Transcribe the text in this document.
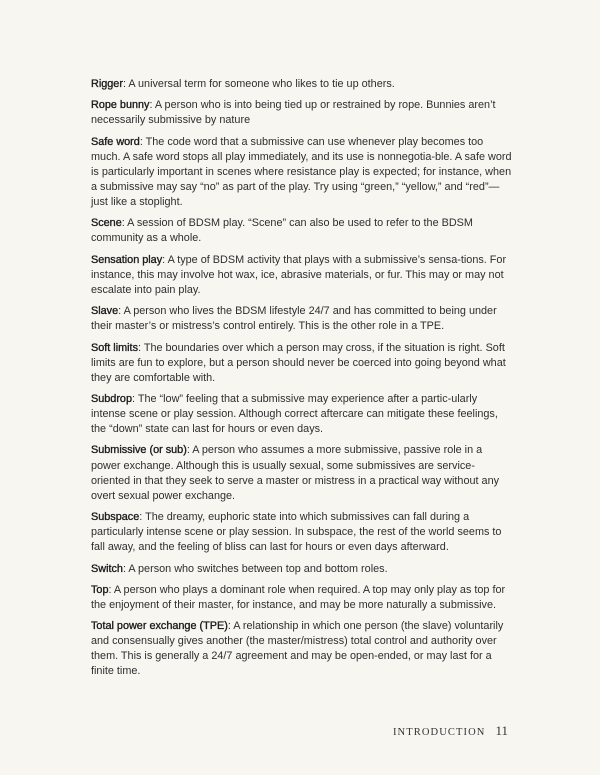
Rigger: A universal term for someone who likes to tie up others.
Rope bunny: A person who is into being tied up or restrained by rope. Bunnies aren’t necessarily submissive by nature
Safe word: The code word that a submissive can use whenever play becomes too much. A safe word stops all play immediately, and its use is nonnegotia-ble. A safe word is particularly important in scenes where resistance play is expected; for instance, when a submissive may say “no” as part of the play. Try using “green,” “yellow,” and “red”—just like a stoplight.
Scene: A session of BDSM play. “Scene” can also be used to refer to the BDSM community as a whole.
Sensation play: A type of BDSM activity that plays with a submissive’s sensa-tions. For instance, this may involve hot wax, ice, abrasive materials, or fur. This may or may not escalate into pain play.
Slave: A person who lives the BDSM lifestyle 24/7 and has committed to being under their master’s or mistress’s control entirely. This is the other role in a TPE.
Soft limits: The boundaries over which a person may cross, if the situation is right. Soft limits are fun to explore, but a person should never be coerced into going beyond what they are comfortable with.
Subdrop: The “low” feeling that a submissive may experience after a partic-ularly intense scene or play session. Although correct aftercare can mitigate these feelings, the “down” state can last for hours or even days.
Submissive (or sub): A person who assumes a more submissive, passive role in a power exchange. Although this is usually sexual, some submissives are service-oriented in that they seek to serve a master or mistress in a practical way without any overt sexual power exchange.
Subspace: The dreamy, euphoric state into which submissives can fall during a particularly intense scene or play session. In subspace, the rest of the world seems to fall away, and the feeling of bliss can last for hours or even days afterward.
Switch: A person who switches between top and bottom roles.
Top: A person who plays a dominant role when required. A top may only play as top for the enjoyment of their master, for instance, and may be more naturally a submissive.
Total power exchange (TPE): A relationship in which one person (the slave) voluntarily and consensually gives another (the master/mistress) total control and authority over them. This is generally a 24/7 agreement and may be open-ended, or may last for a finite time.
INTRODUCTION 11
